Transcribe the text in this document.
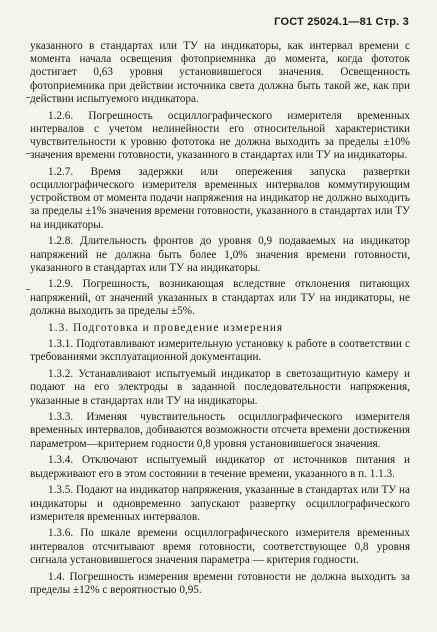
ГОСТ 25024.1—81 Стр. 3

указанного в стандартах или ТУ на индикаторы, как интервал времени с момента начала освещения фотоприемника до момента, когда фототок достигает 0,63 уровня установившегося значения. Освещенность фотоприемника при действии источника света должна быть такой же, как при действии испытуемого индикатора.

1.2.6. Погрешность осциллографического измерителя временных интервалов с учетом нелинейности его относительной характеристики чувствительности к уровню фототока не должна выходить за пределы ±10% значения времени готовности, указанного в стандартах или ТУ на индикаторы.

1.2.7. Время задержки или опережения запуска развертки осциллографического измерителя временных интервалов коммутирующим устройством от момента подачи напряжения на индикатор не должно выходить за пределы ±1% значения времени готовности, указанного в стандартах или ТУ на индикаторы.

1.2.8. Длительность фронтов до уровня 0,9 подаваемых на индикатор напряжений не должна быть более 1,0% значения времени готовности, указанного в стандартах или ТУ на индикаторы.

1.2.9. Погрешность, возникающая вследствие отклонения питающих напряжений, от значений указанных в стандартах или ТУ на индикаторы, не должна выходить за пределы ±5%.

1.3. Подготовка и проведение измерения

1.3.1. Подготавливают измерительную установку к работе в соответствии с требованиями эксплуатационной документации.

1.3.2. Устанавливают испытуемый индикатор в светозащитную камеру и подают на его электроды в заданной последовательности напряжения, указанные в стандартах или ТУ на индикаторы.

1.3.3. Изменяя чувствительность осциллографического измерителя временных интервалов, добиваются возможности отсчета времени достижения параметром—критерием годности 0,8 уровня установившегося значения.

1.3.4. Отключают испытуемый индикатор от источников питания и выдерживают его в этом состоянии в течение времени, указанного в п. 1.1.3.

1.3.5. Подают на индикатор напряжения, указанные в стандартах или ТУ на индикаторы и одновременно запускают развертку осциллографического измерителя временных интервалов.

1.3.6. По шкале времени осциллографического измерителя временных интервалов отсчитывают время готовности, соответствующее 0,8 уровня сигнала установившегося значения параметра — критерия годности.

1.4. Погрешность измерения времени готовности не должна выходить за пределы ±12% с вероятностью 0,95.
